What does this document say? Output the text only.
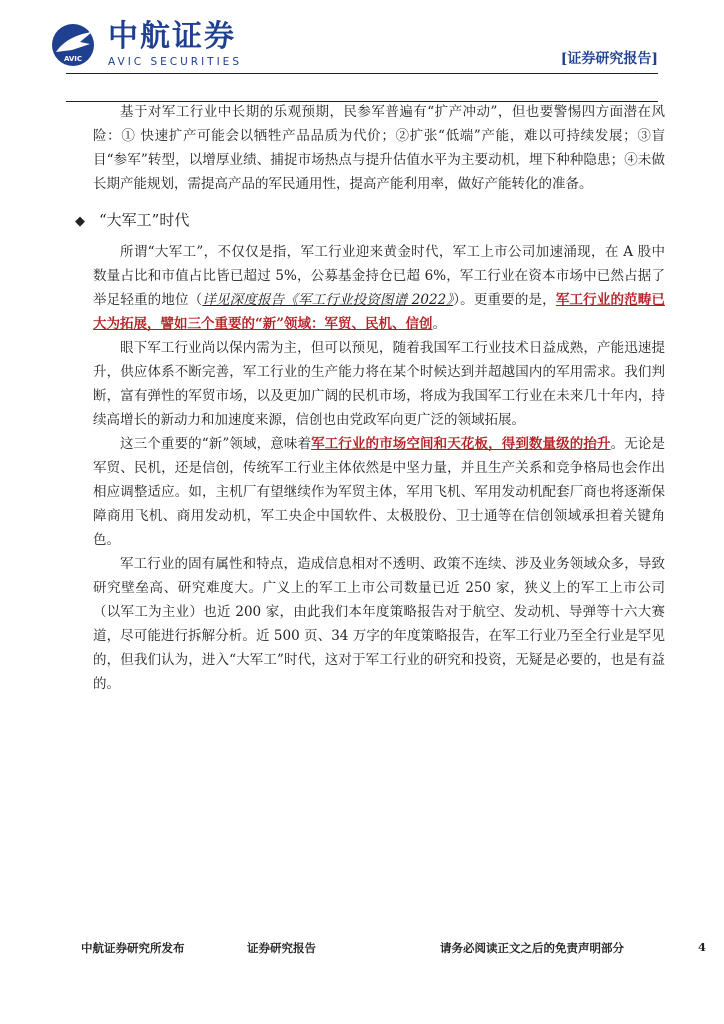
AVIC
中航证券
AVIC SECURITIES	[证券研究报告]

基于对军工行业中长期的乐观预期，民参军普遍有“扩产冲动”，但也要警惕四方面潜在风险：① 快速扩产可能会以牺牲产品品质为代价；②扩张“低端”产能，难以可持续发展；③盲目“参军”转型，以增厚业绩、捕捉市场热点与提升估值水平为主要动机，埋下种种隐患；④未做长期产能规划，需提高产品的军民通用性，提高产能利用率，做好产能转化的准备。

◆ “大军工”时代

所谓“大军工”，不仅仅是指，军工行业迎来黄金时代，军工上市公司加速涌现，在 A 股中数量占比和市值占比皆已超过 5%，公募基金持仓已超 6%，军工行业在资本市场中已然占据了举足轻重的地位（详见深度报告《军工行业投资图谱 2022》）。更重要的是，军工行业的范畴已大为拓展，譬如三个重要的“新”领域：军贸、民机、信创。

眼下军工行业尚以保内需为主，但可以预见，随着我国军工行业技术日益成熟，产能迅速提升，供应体系不断完善，军工行业的生产能力将在某个时候达到并超越国内的军用需求。我们判断，富有弹性的军贸市场，以及更加广阔的民机市场，将成为我国军工行业在未来几十年内，持续高增长的新动力和加速度来源，信创也由党政军向更广泛的领域拓展。

这三个重要的“新”领域，意味着军工行业的市场空间和天花板，得到数量级的抬升。无论是军贸、民机，还是信创，传统军工行业主体依然是中坚力量，并且生产关系和竞争格局也会作出相应调整适应。如，主机厂有望继续作为军贸主体，军用飞机、军用发动机配套厂商也将逐渐保障商用飞机、商用发动机，军工央企中国软件、太极股份、卫士通等在信创领域承担着关键角色。

军工行业的固有属性和特点，造成信息相对不透明、政策不连续、涉及业务领域众多，导致研究壁垒高、研究难度大。广义上的军工上市公司数量已近 250 家，狭义上的军工上市公司（以军工为主业）也近 200 家，由此我们本年度策略报告对于航空、发动机、导弹等十六大赛道，尽可能进行拆解分析。近 500 页、34 万字的年度策略报告，在军工行业乃至全行业是罕见的，但我们认为，进入“大军工”时代，这对于军工行业的研究和投资，无疑是必要的，也是有益的。

中航证券研究所发布	证券研究报告	请务必阅读正文之后的免责声明部分	4
